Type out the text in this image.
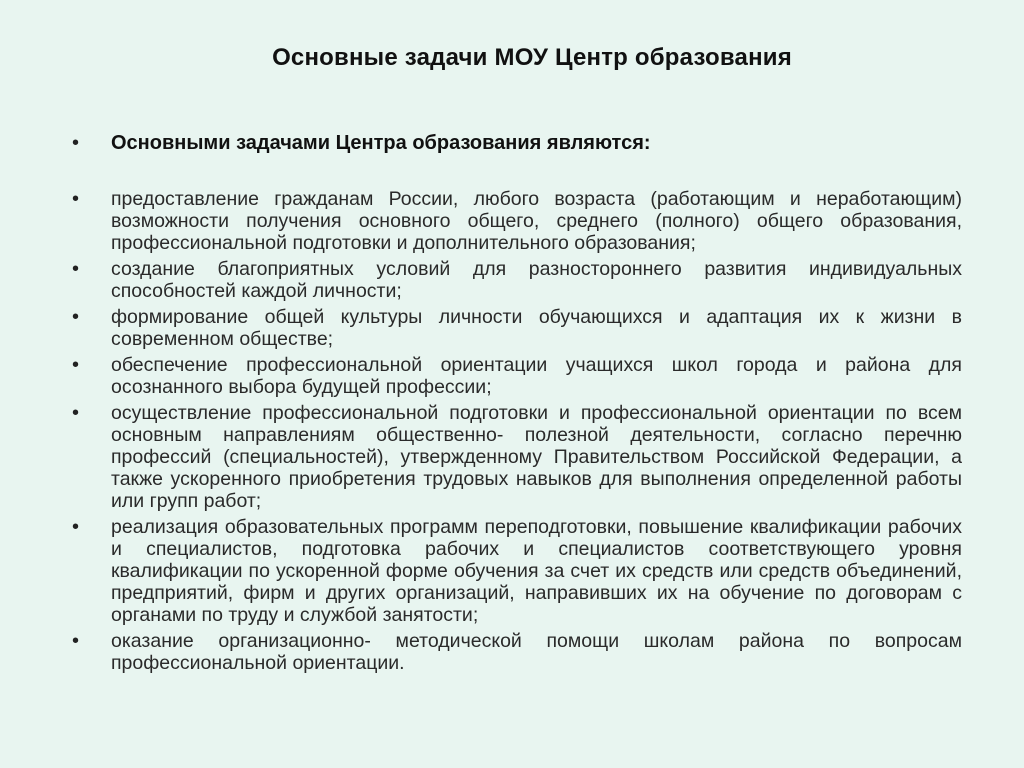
Основные задачи МОУ Центр образования
• Основными задачами Центра образования являются:
• предоставление гражданам России, любого возраста (работающим и неработающим) возможности получения основного общего, среднего (полного) общего образования, профессиональной подготовки и дополнительного образования;
• создание благоприятных условий для разностороннего развития индивидуальных способностей каждой личности;
• формирование общей культуры личности обучающихся и адаптация их к жизни в современном обществе;
• обеспечение профессиональной ориентации учащихся школ города и района для осознанного выбора будущей профессии;
• осуществление профессиональной подготовки и профессиональной ориентации по всем основным направлениям общественно- полезной деятельности, согласно перечню профессий (специальностей), утвержденному Правительством Российской Федерации, а также ускоренного приобретения трудовых навыков для выполнения определенной работы или групп работ;
• реализация образовательных программ переподготовки, повышение квалификации рабочих и специалистов, подготовка рабочих и специалистов соответствующего уровня квалификации по ускоренной форме обучения за счет их средств или средств объединений, предприятий, фирм и других организаций, направивших их на обучение по договорам с органами по труду и службой занятости;
• оказание организационно- методической помощи школам района по вопросам профессиональной ориентации.
